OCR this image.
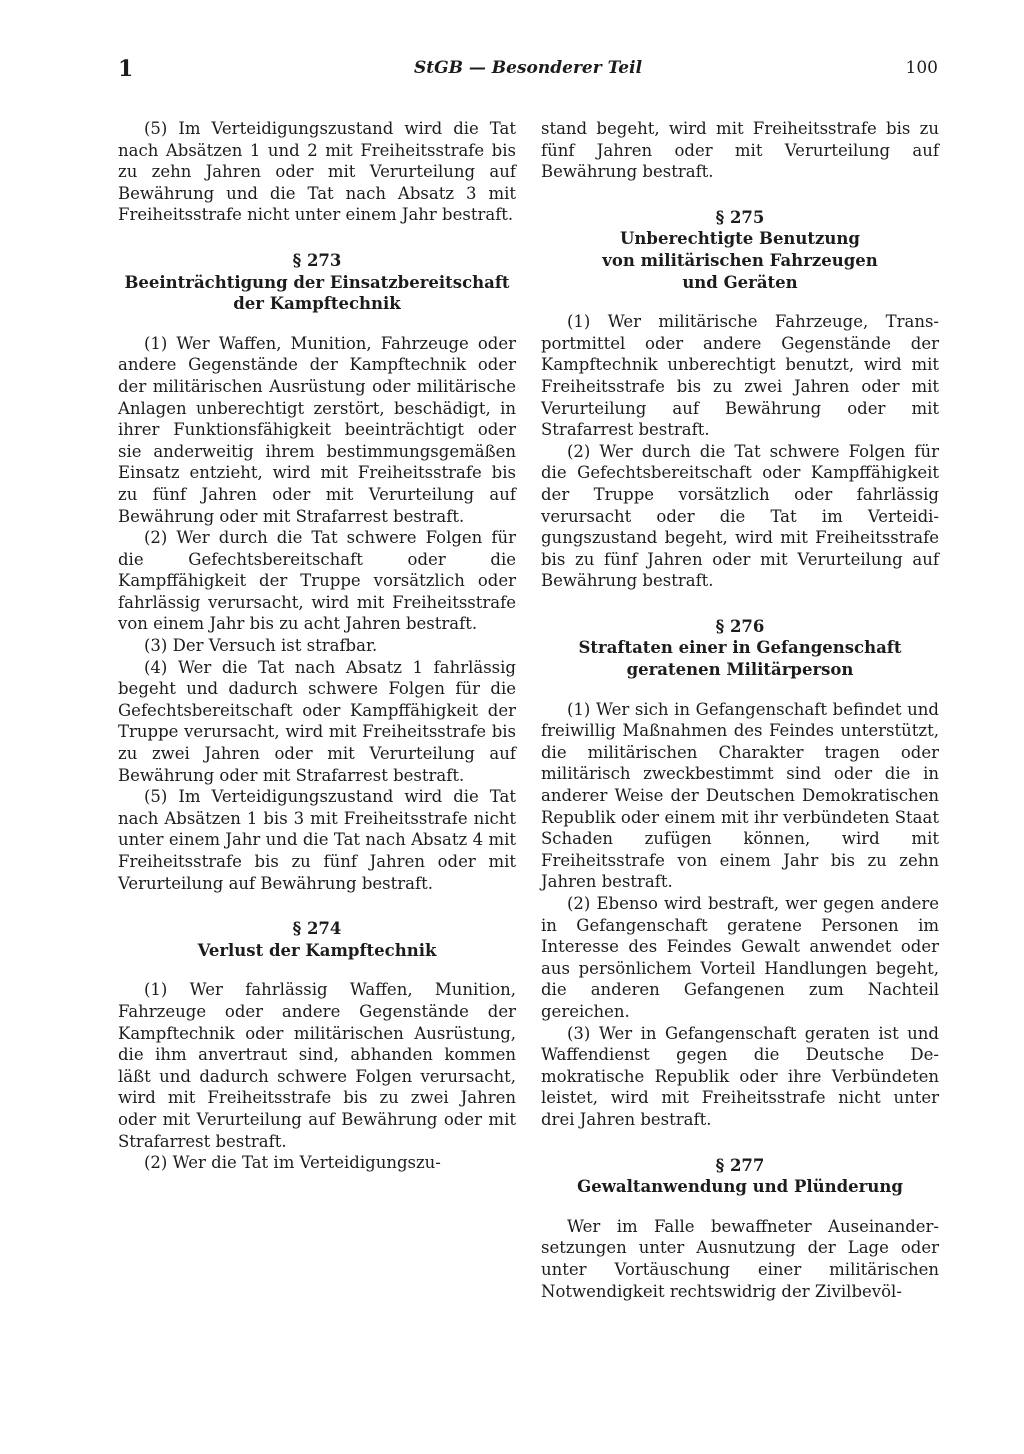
1	StGB — Besonderer Teil	100

(5) Im Verteidigungszustand wird die Tat nach Absätzen 1 und 2 mit Freiheitsstrafe bis zu zehn Jahren oder mit Verurteilung auf Bewährung und die Tat nach Absatz 3 mit Freiheitsstrafe nicht unter einem Jahr bestraft.

§ 273
Beeinträchtigung der Einsatzbereitschaft
der Kampftechnik

(1) Wer Waffen, Munition, Fahrzeuge oder andere Gegenstände der Kampftechnik oder der militärischen Ausrüstung oder militärische Anlagen unberechtigt zerstört, beschädigt, in ihrer Funktionsfähigkeit beeinträchtigt oder sie anderweitig ihrem bestimmungsgemäßen Einsatz entzieht, wird mit Freiheitsstrafe bis zu fünf Jahren oder mit Verurteilung auf Bewährung oder mit Strafarrest bestraft.

(2) Wer durch die Tat schwere Folgen für die Gefechtsbereitschaft oder die Kampffähigkeit der Truppe vorsätzlich oder fahrlässig verursacht, wird mit Freiheitsstrafe von einem Jahr bis zu acht Jahren bestraft.

(3) Der Versuch ist strafbar.

(4) Wer die Tat nach Absatz 1 fahrlässig begeht und dadurch schwere Folgen für die Gefechtsbereitschaft oder Kampffähigkeit der Truppe verursacht, wird mit Freiheitsstrafe bis zu zwei Jahren oder mit Verurteilung auf Bewährung oder mit Strafarrest bestraft.

(5) Im Verteidigungszustand wird die Tat nach Absätzen 1 bis 3 mit Freiheitsstrafe nicht unter einem Jahr und die Tat nach Absatz 4 mit Freiheitsstrafe bis zu fünf Jahren oder mit Verurteilung auf Bewährung bestraft.

§ 274
Verlust der Kampftechnik

(1) Wer fahrlässig Waffen, Munition, Fahrzeuge oder andere Gegenstände der Kampftechnik oder militärischen Ausrüstung, die ihm anvertraut sind, abhanden kommen läßt und dadurch schwere Folgen verursacht, wird mit Freiheitsstrafe bis zu zwei Jahren oder mit Verurteilung auf Bewährung oder mit Strafarrest bestraft.

(2) Wer die Tat im Verteidigungszu-

stand begeht, wird mit Freiheitsstrafe bis zu fünf Jahren oder mit Verurteilung auf Bewährung bestraft.

§ 275
Unberechtigte Benutzung
von militärischen Fahrzeugen
und Geräten

(1) Wer militärische Fahrzeuge, Transportmittel oder andere Gegenstände der Kampftechnik unberechtigt benutzt, wird mit Freiheitsstrafe bis zu zwei Jahren oder mit Verurteilung auf Bewährung oder mit Strafarrest bestraft.

(2) Wer durch die Tat schwere Folgen für die Gefechtsbereitschaft oder Kampffähigkeit der Truppe vorsätzlich oder fahrlässig verursacht oder die Tat im Verteidigungszustand begeht, wird mit Freiheitsstrafe bis zu fünf Jahren oder mit Verurteilung auf Bewährung bestraft.

§ 276
Straftaten einer in Gefangenschaft
geratenen Militärperson

(1) Wer sich in Gefangenschaft befindet und freiwillig Maßnahmen des Feindes unterstützt, die militärischen Charakter tragen oder militärisch zweckbestimmt sind oder die in anderer Weise der Deutschen Demokratischen Republik oder einem mit ihr verbündeten Staat Schaden zufügen können, wird mit Freiheitsstrafe von einem Jahr bis zu zehn Jahren bestraft.

(2) Ebenso wird bestraft, wer gegen andere in Gefangenschaft geratene Personen im Interesse des Feindes Gewalt anwendet oder aus persönlichem Vorteil Handlungen begeht, die anderen Gefangenen zum Nachteil gereichen.

(3) Wer in Gefangenschaft geraten ist und Waffendienst gegen die Deutsche Demokratische Republik oder ihre Verbündeten leistet, wird mit Freiheitsstrafe nicht unter drei Jahren bestraft.

§ 277
Gewaltanwendung und Plünderung

Wer im Falle bewaffneter Auseinandersetzungen unter Ausnutzung der Lage oder unter Vortäuschung einer militärischen Notwendigkeit rechtswidrig der Zivilbevöl-
